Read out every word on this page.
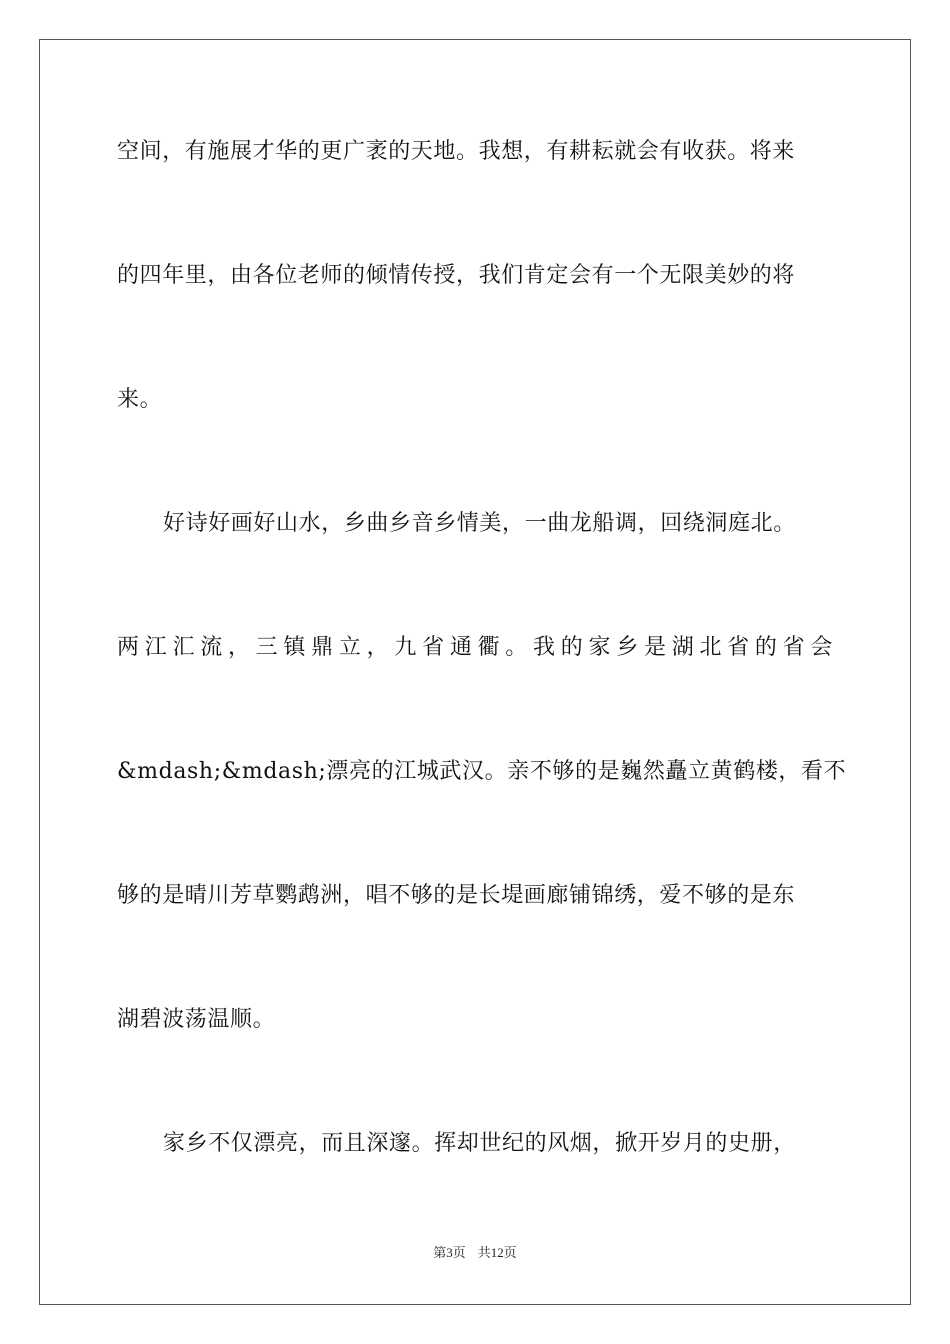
空间，有施展才华的更广袤的天地。我想，有耕耘就会有收获。将来
的四年里，由各位老师的倾情传授，我们肯定会有一个无限美妙的将
来。
好诗好画好山水，乡曲乡音乡情美，一曲龙船调，回绕洞庭北。
两江汇流，三镇鼎立，九省通衢。我的家乡是湖北省的省会
&mdash;&mdash;漂亮的江城武汉。亲不够的是巍然矗立黄鹤楼，看不
够的是晴川芳草鹦鹉洲，唱不够的是长堤画廊铺锦绣，爱不够的是东
湖碧波荡温顺。
家乡不仅漂亮，而且深邃。挥却世纪的风烟，掀开岁月的史册，
第3页 共12页
